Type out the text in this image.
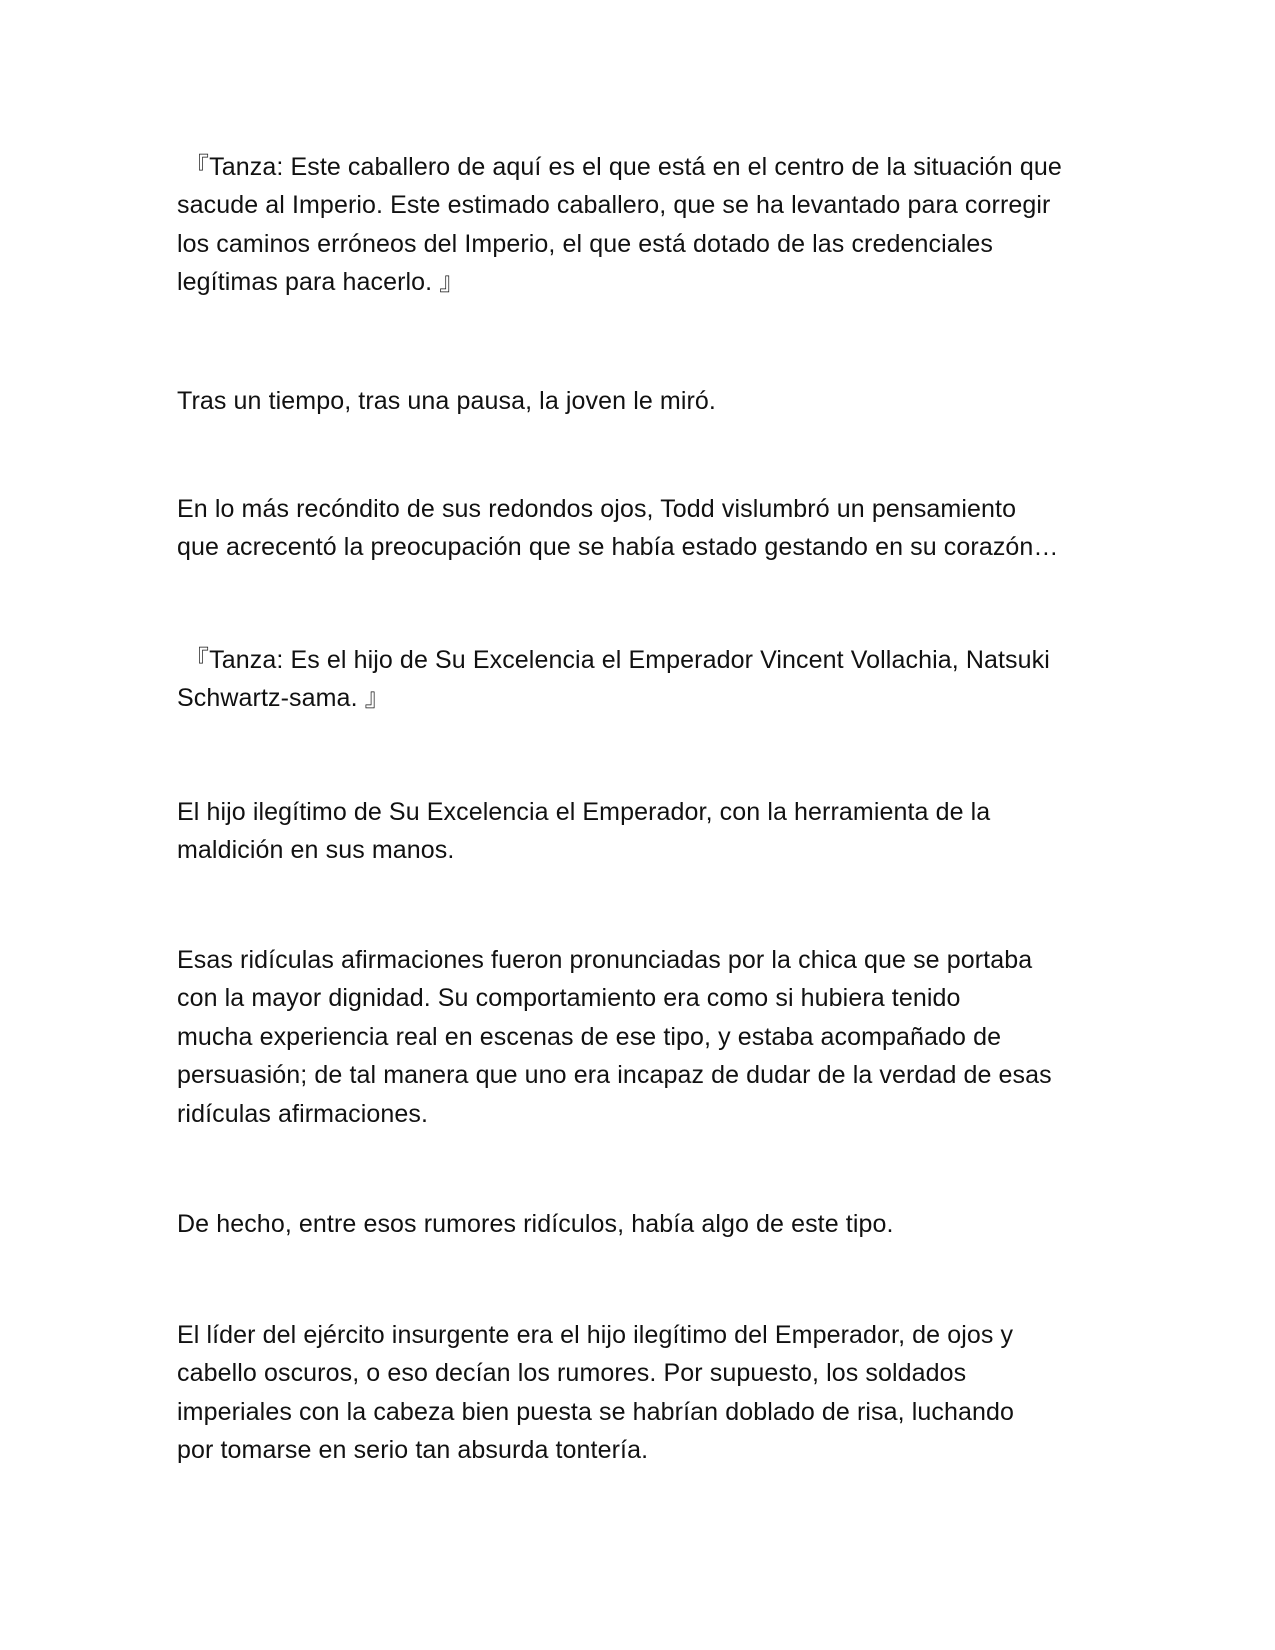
『Tanza: Este caballero de aquí es el que está en el centro de la situación que
sacude al Imperio. Este estimado caballero, que se ha levantado para corregir
los caminos erróneos del Imperio, el que está dotado de las credenciales
legítimas para hacerlo. 』

Tras un tiempo, tras una pausa, la joven le miró.

En lo más recóndito de sus redondos ojos, Todd vislumbró un pensamiento
que acrecentó la preocupación que se había estado gestando en su corazón…

『Tanza: Es el hijo de Su Excelencia el Emperador Vincent Vollachia, Natsuki
Schwartz-sama. 』

El hijo ilegítimo de Su Excelencia el Emperador, con la herramienta de la
maldición en sus manos.

Esas ridículas afirmaciones fueron pronunciadas por la chica que se portaba
con la mayor dignidad. Su comportamiento era como si hubiera tenido
mucha experiencia real en escenas de ese tipo, y estaba acompañado de
persuasión; de tal manera que uno era incapaz de dudar de la verdad de esas
ridículas afirmaciones.

De hecho, entre esos rumores ridículos, había algo de este tipo.

El líder del ejército insurgente era el hijo ilegítimo del Emperador, de ojos y
cabello oscuros, o eso decían los rumores. Por supuesto, los soldados
imperiales con la cabeza bien puesta se habrían doblado de risa, luchando
por tomarse en serio tan absurda tontería.
